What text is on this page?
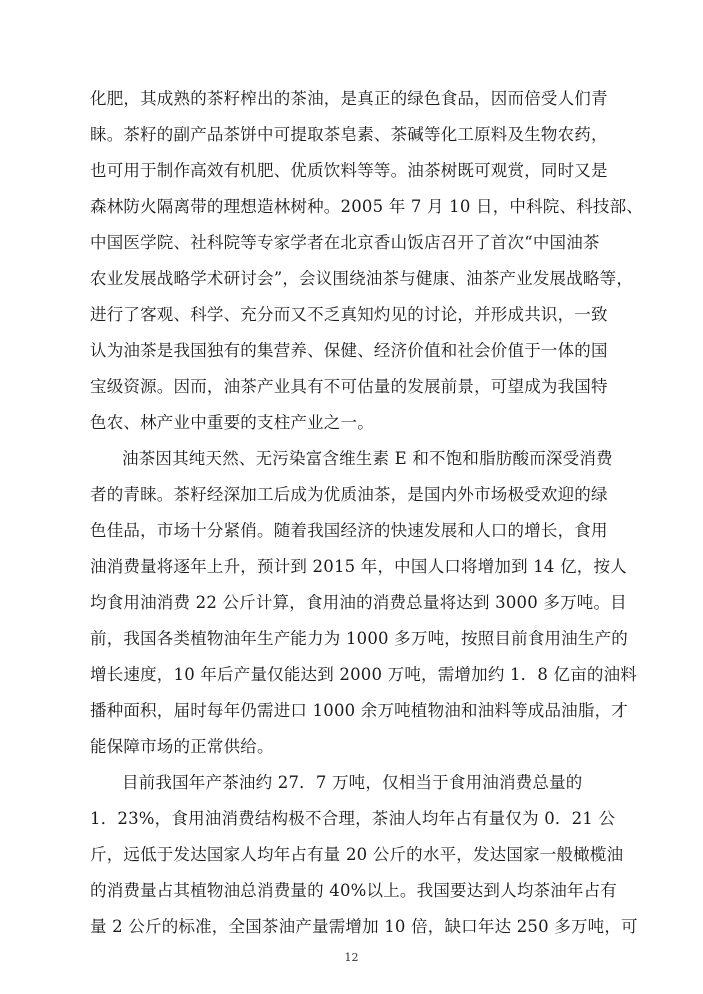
化肥，其成熟的茶籽榨出的茶油，是真正的绿色食品，因而倍受人们青
睐。茶籽的副产品茶饼中可提取茶皂素、茶碱等化工原料及生物农药，
也可用于制作高效有机肥、优质饮料等等。油茶树既可观赏，同时又是
森林防火隔离带的理想造林树种。2005 年 7 月 10 日，中科院、科技部、
中国医学院、社科院等专家学者在北京香山饭店召开了首次“中国油茶
农业发展战略学术研讨会”，会议围绕油茶与健康、油茶产业发展战略等，
进行了客观、科学、充分而又不乏真知灼见的讨论，并形成共识，一致
认为油茶是我国独有的集营养、保健、经济价值和社会价值于一体的国
宝级资源。因而，油茶产业具有不可估量的发展前景，可望成为我国特
色农、林产业中重要的支柱产业之一。
油茶因其纯天然、无污染富含维生素 E 和不饱和脂肪酸而深受消费
者的青睐。茶籽经深加工后成为优质油茶，是国内外市场极受欢迎的绿
色佳品，市场十分紧俏。随着我国经济的快速发展和人口的增长，食用
油消费量将逐年上升，预计到 2015 年，中国人口将增加到 14 亿，按人
均食用油消费 22 公斤计算，食用油的消费总量将达到 3000 多万吨。目
前，我国各类植物油年生产能力为 1000 多万吨，按照目前食用油生产的
增长速度，10 年后产量仅能达到 2000 万吨，需增加约 1．8 亿亩的油料
播种面积，届时每年仍需进口 1000 余万吨植物油和油料等成品油脂，才
能保障市场的正常供给。
目前我国年产茶油约 27．7 万吨，仅相当于食用油消费总量的
1．23%，食用油消费结构极不合理，茶油人均年占有量仅为 0．21 公
斤，远低于发达国家人均年占有量 20 公斤的水平，发达国家一般橄榄油
的消费量占其植物油总消费量的 40%以上。我国要达到人均茶油年占有
量 2 公斤的标准，全国茶油产量需增加 10 倍，缺口年达 250 多万吨，可
12
